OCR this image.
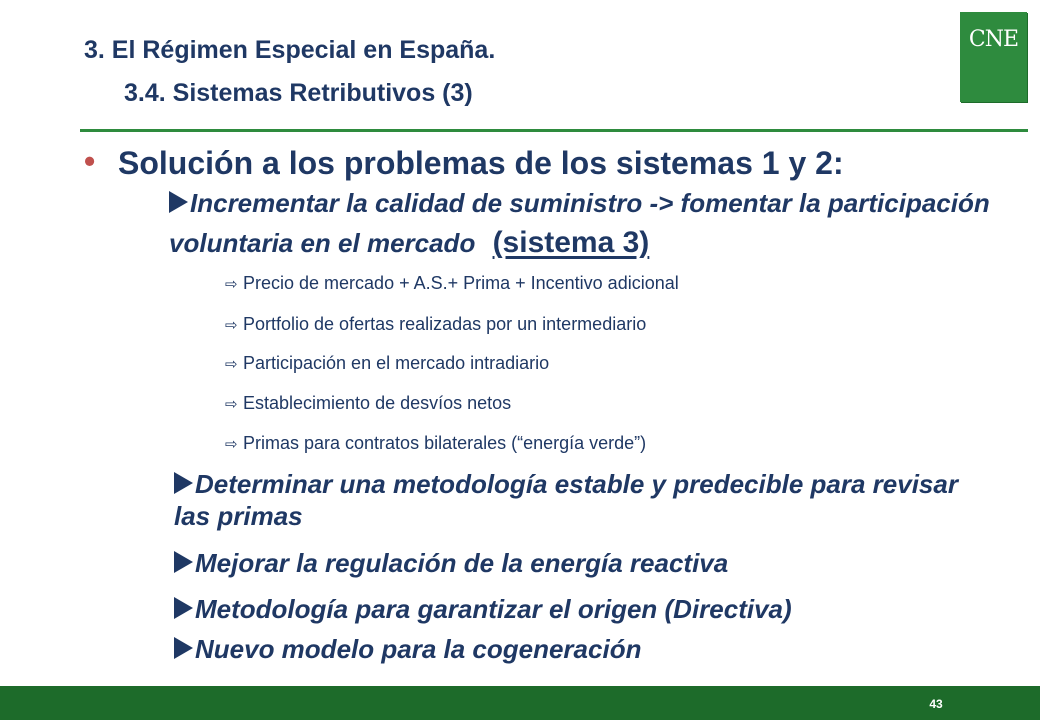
3. El Régimen Especial en España.
3.4. Sistemas Retributivos (3)
CNE
• Solución a los problemas de los sistemas 1 y 2:
Incrementar la calidad de suministro -> fomentar la participación voluntaria en el mercado (sistema 3)
⇨ Precio de mercado + A.S.+ Prima + Incentivo adicional
⇨ Portfolio de ofertas realizadas por un intermediario
⇨ Participación en el mercado intradiario
⇨ Establecimiento de desvíos netos
⇨ Primas para contratos bilaterales (“energía verde”)
Determinar una metodología estable y predecible para revisar las primas
Mejorar la regulación de la energía reactiva
Metodología para garantizar el origen (Directiva)
Nuevo modelo para la cogeneración
43
